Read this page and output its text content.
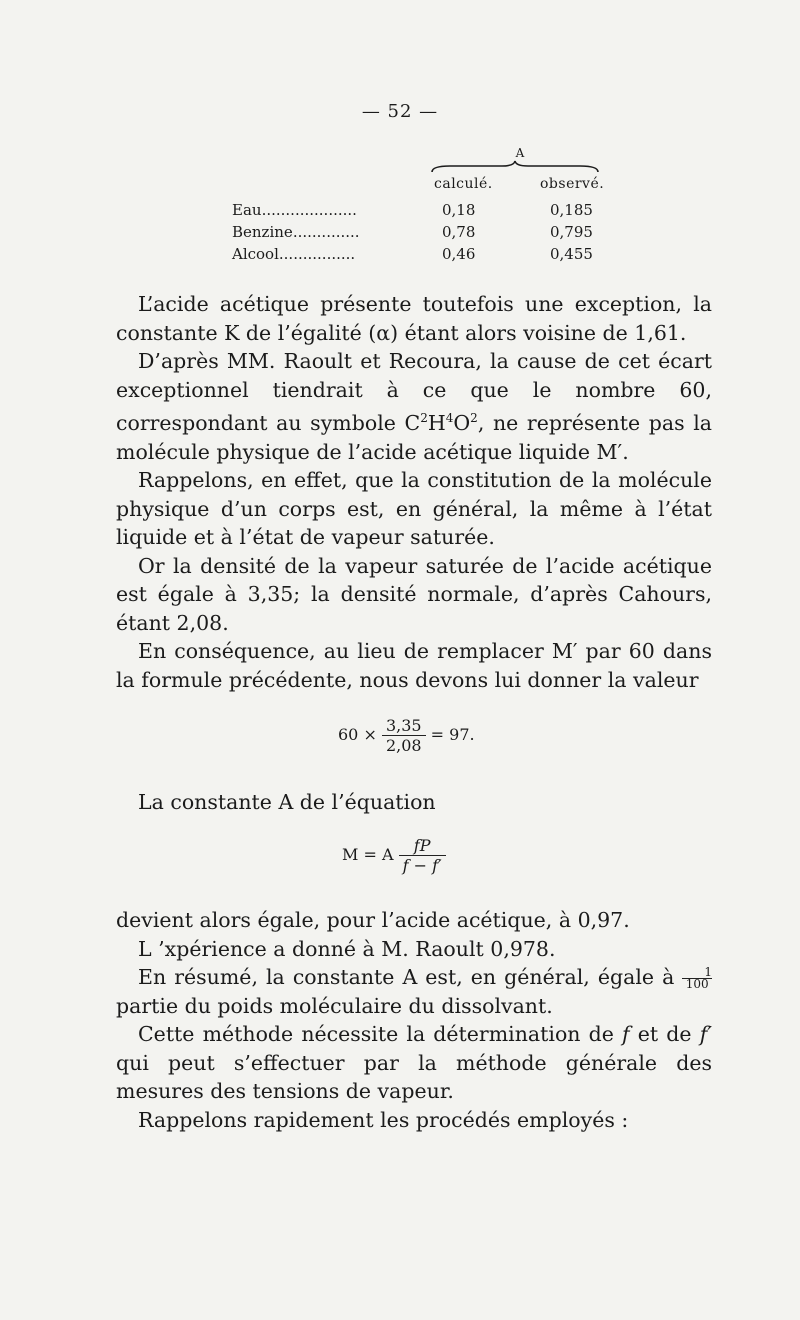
— 52 —
A
calculé.	observé.
Eau....................	0,18	0,185
Benzine..............	0,78	0,795
Alcool................	0,46	0,455

L’acide acétique présente toutefois une exception, la constante K de l’égalité (α) étant alors voisine de 1,61.

D’après MM. Raoult et Recoura, la cause de cet écart exceptionnel tiendrait à ce que le nombre 60, correspondant au symbole $C^2H^4O^2$, ne représente pas la molécule physique de l’acide acétique liquide M′.

Rappelons, en effet, que la constitution de la molécule physique d’un corps est, en général, la même à l’état liquide et à l’état de vapeur saturée.

Or la densité de la vapeur saturée de l’acide acétique est égale à 3,35; la densité normale, d’après Cahours, étant 2,08.

En conséquence, au lieu de remplacer M′ par 60 dans la formule précédente, nous devons lui donner la valeur

$60 \times \frac{3,35}{2,08} = 97$.

La constante A de l’équation

M = A $\frac{fP}{f - f'}$

devient alors égale, pour l’acide acétique, à 0,97.

L ’xpérience a donné à M. Raoult 0,978.

En résumé, la constante A est, en général, égale à $\frac{1}{100}$ partie du poids moléculaire du dissolvant.

Cette méthode nécessite la détermination de f et de f′ qui peut s’effectuer par la méthode générale des mesures des tensions de vapeur.

Rappelons rapidement les procédés employés :
